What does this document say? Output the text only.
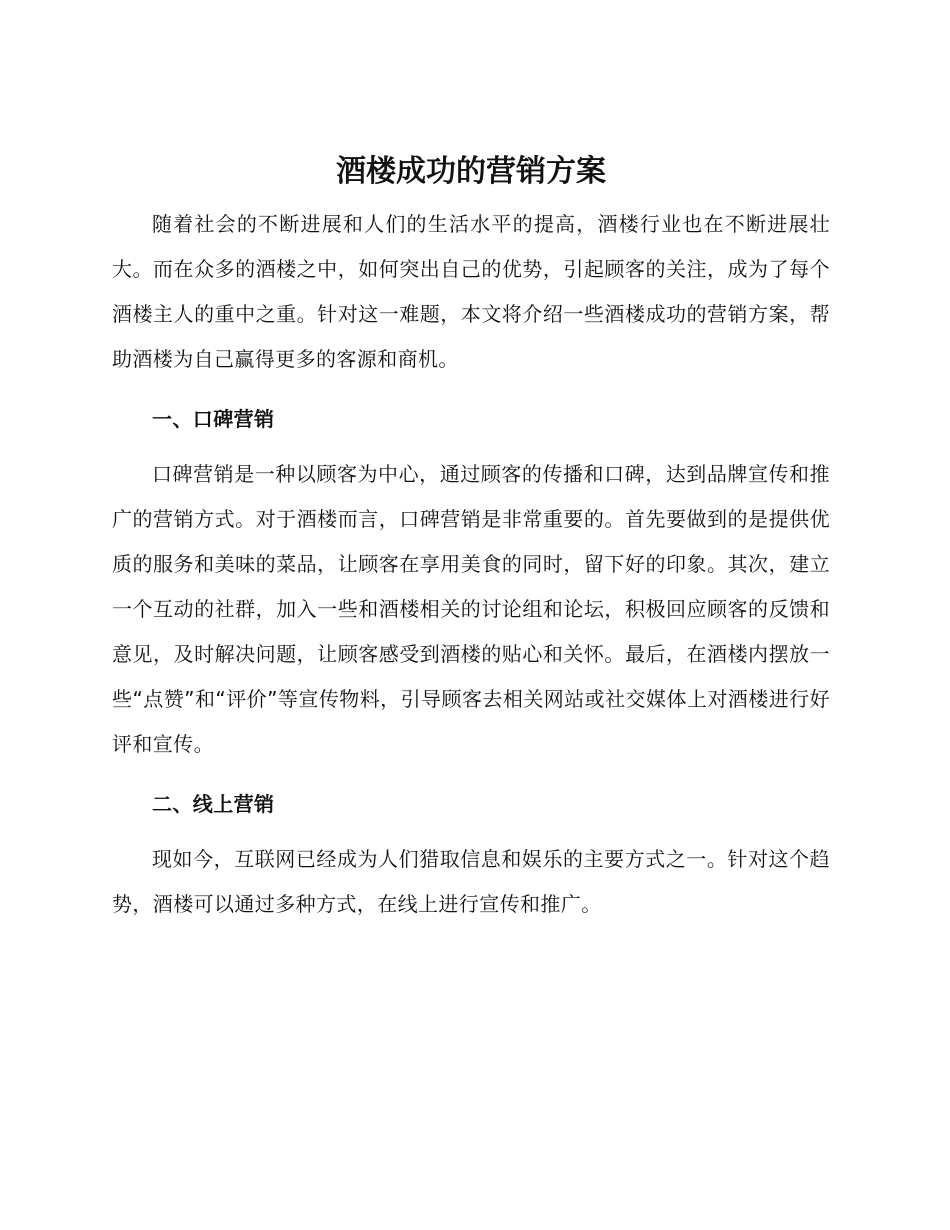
酒楼成功的营销方案

随着社会的不断进展和人们的生活水平的提高，酒楼行业也在不断进展壮大。而在众多的酒楼之中，如何突出自己的优势，引起顾客的关注，成为了每个酒楼主人的重中之重。针对这一难题，本文将介绍一些酒楼成功的营销方案，帮助酒楼为自己赢得更多的客源和商机。

一、口碑营销

口碑营销是一种以顾客为中心，通过顾客的传播和口碑，达到品牌宣传和推广的营销方式。对于酒楼而言，口碑营销是非常重要的。首先要做到的是提供优质的服务和美味的菜品，让顾客在享用美食的同时，留下好的印象。其次，建立一个互动的社群，加入一些和酒楼相关的讨论组和论坛，积极回应顾客的反馈和意见，及时解决问题，让顾客感受到酒楼的贴心和关怀。最后，在酒楼内摆放一些“点赞”和“评价”等宣传物料，引导顾客去相关网站或社交媒体上对酒楼进行好评和宣传。

二、线上营销

现如今，互联网已经成为人们猎取信息和娱乐的主要方式之一。针对这个趋势，酒楼可以通过多种方式，在线上进行宣传和推广。
